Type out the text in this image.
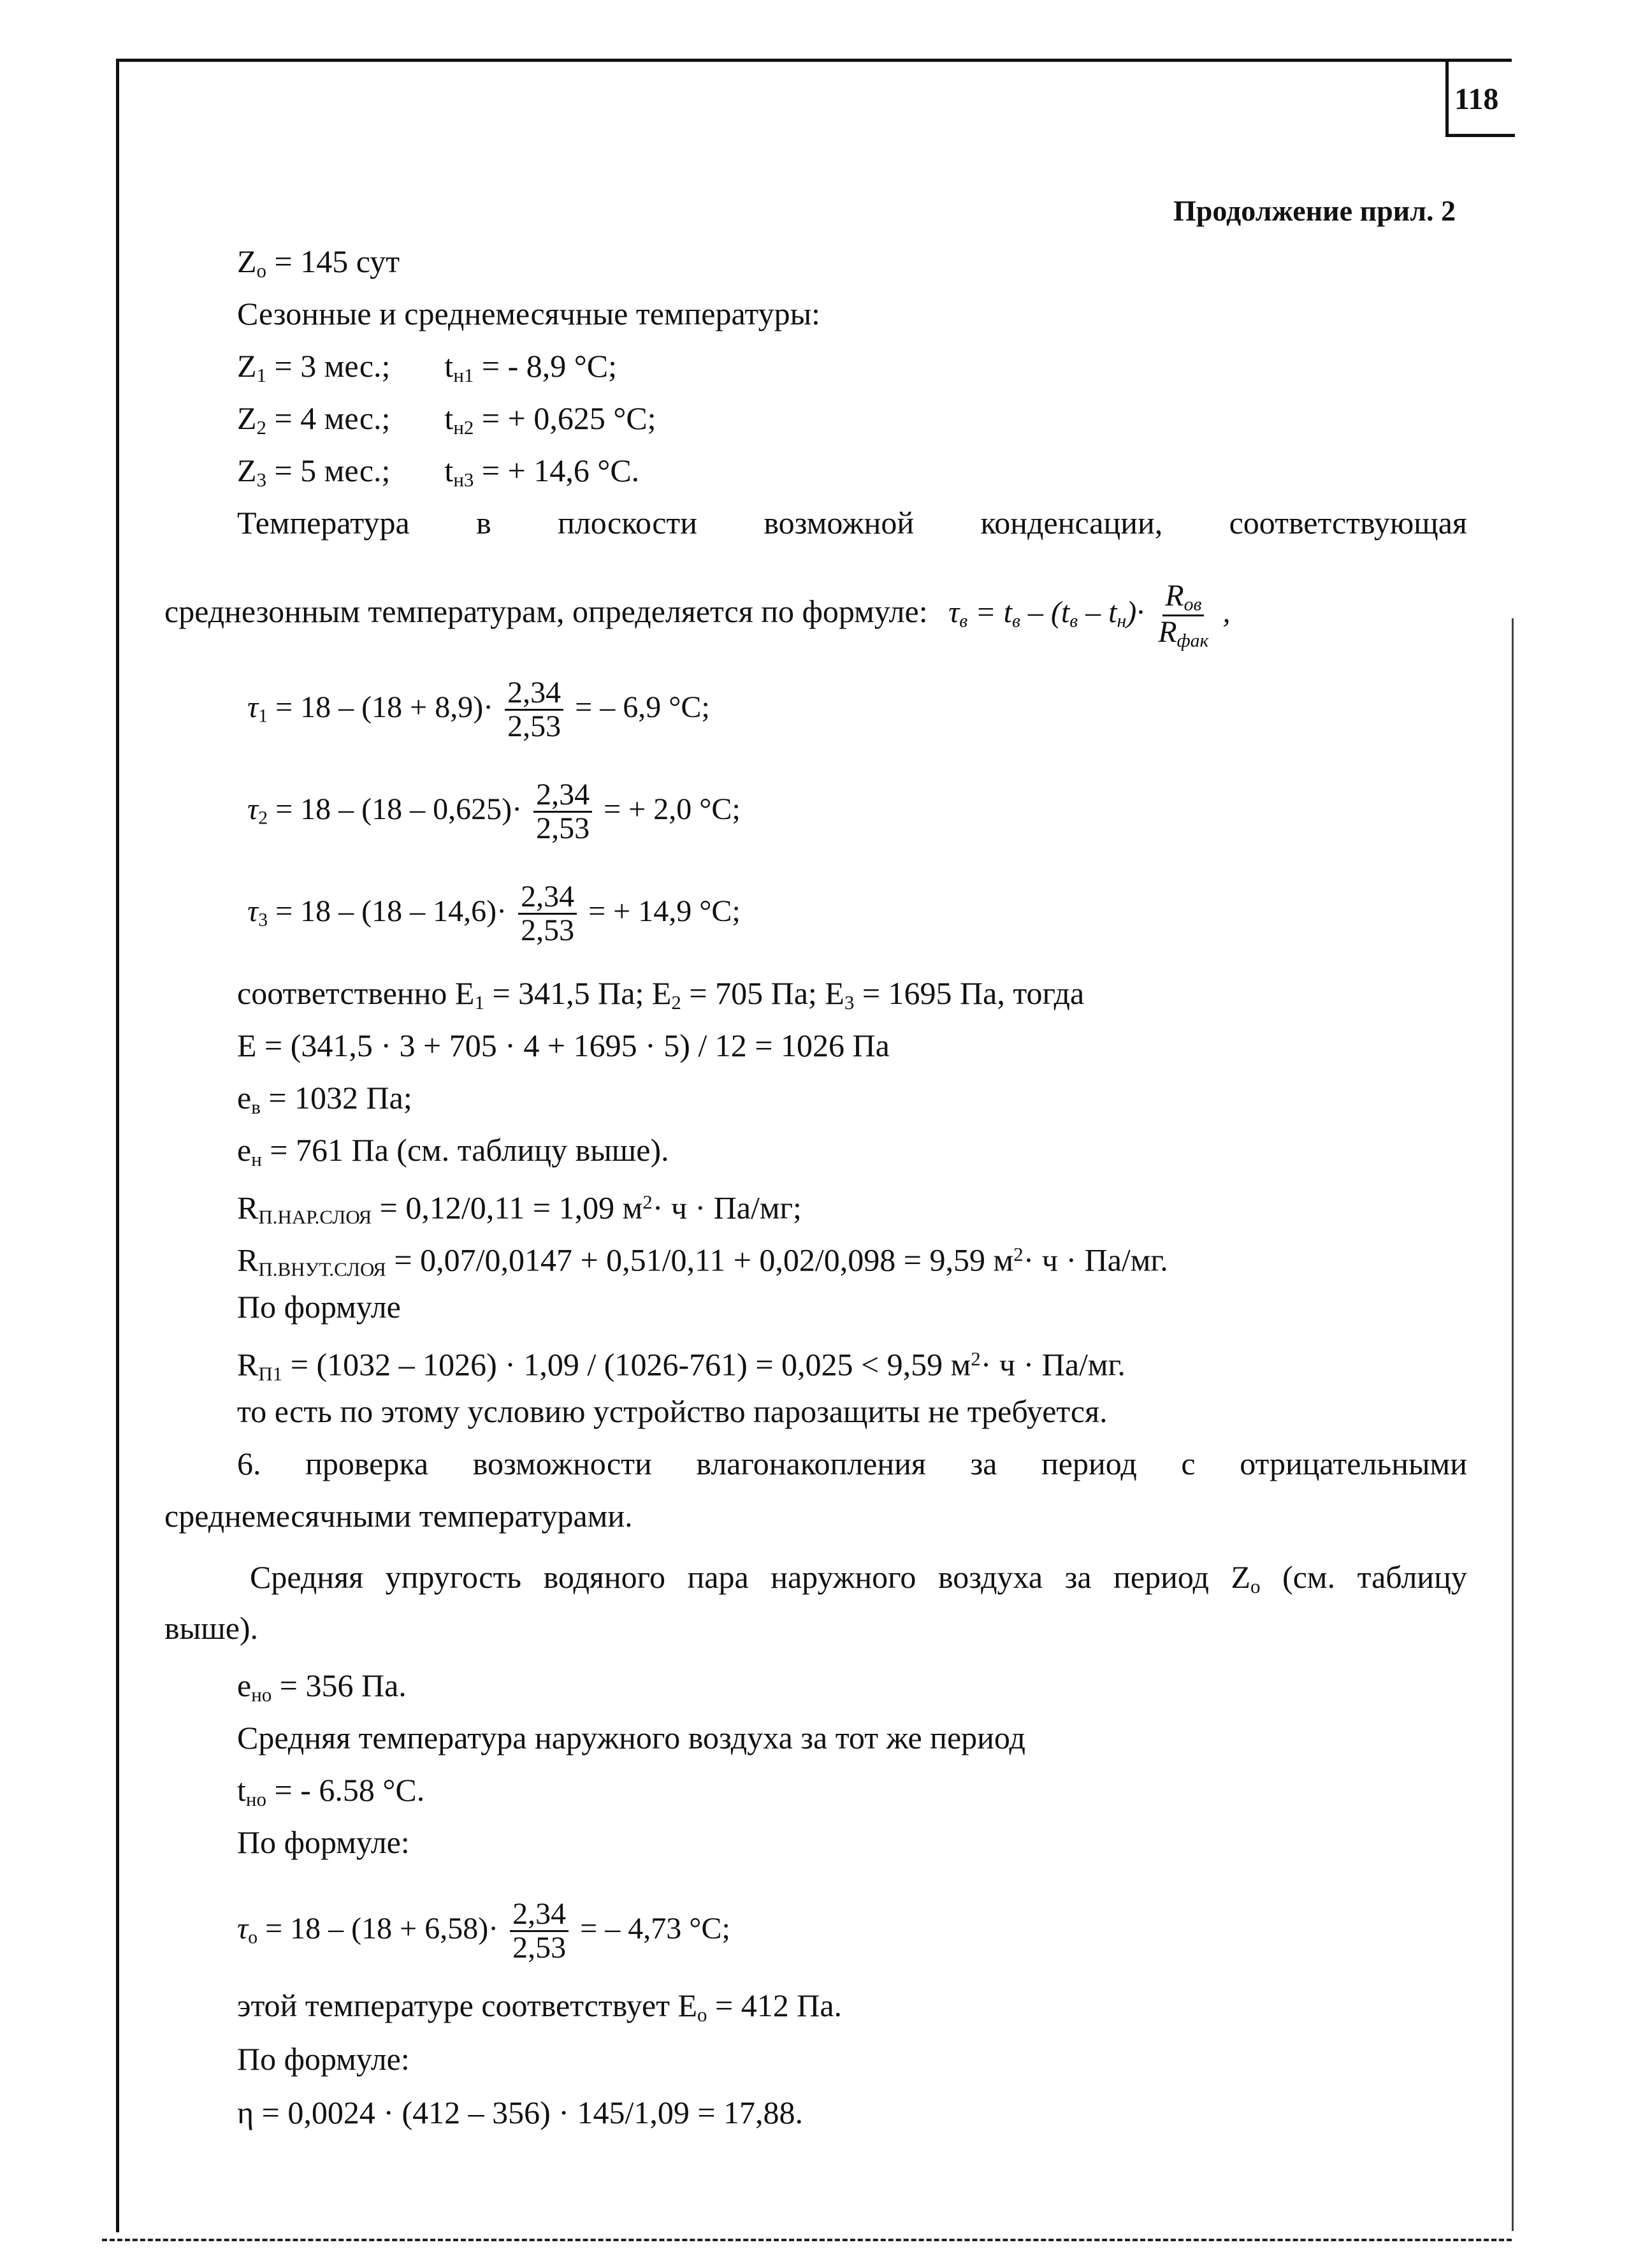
118
Продолжение прил. 2
$Z_o = 145$ сут
Сезонные и среднемесячные температуры:
$Z_1 = 3$ мес.; $t_{н1}$ = - 8,9 °C;
$Z_2 = 4$ мес.; $t_{н2}$ = + 0,625 °C;
$Z_3 = 5$ мес.; $t_{н3}$ = + 14,6 °C.
Температура в плоскости возможной конденсации, соответствующая
среднезонным температурам, определяется по формуле: $\tau_в = t_в - (t_в - t_н)\cdot \frac{R_{ов}}{R_{фак}}$ ,
$\tau_1 = 18 - (18 + 8,9)\cdot \frac{2,34}{2,53}$ = – 6,9 °C;
$\tau_2 = 18 - (18 - 0,625)\cdot \frac{2,34}{2,53}$ = + 2,0 °C;
$\tau_3 = 18 - (18 - 14,6)\cdot \frac{2,34}{2,53}$ = + 14,9 °C;
соответственно $E_1 = 341,5$ Па; $E_2 = 705$ Па; $E_3 = 1695$ Па, тогда
E = (341,5 · 3 + 705 · 4 + 1695 · 5) / 12 = 1026 Па
$e_в = 1032$ Па;
$e_н = 761$ Па (см. таблицу выше).
$R_{П.НАР.СЛОЯ} = 0,12/0,11 = 1,09$ $м^2\cdot ч \cdot Па/мг$;
$R_{П.ВНУТ.СЛОЯ} = 0,07/0,0147 + 0,51/0,11 + 0,02/0,098 = 9,59$ $м^2\cdot ч \cdot Па/мг$.
По формуле
$R_{П1} = (1032 - 1026) \cdot 1,09 / (1026-761) = 0,025 < 9,59$ $м^2\cdot ч \cdot Па/мг$.
то есть по этому условию устройство парозащиты не требуется.
6. проверка возможности влагонакопления за период с отрицательными
среднемесячными температурами.
Средняя упругость водяного пара наружного воздуха за период $Z_o$ (см. таблицу
выше).
$e_{но} = 356$ Па.
Средняя температура наружного воздуха за тот же период
$t_{но}$ = - 6.58 °C.
По формуле:
$\tau_o = 18 - (18 + 6,58)\cdot \frac{2,34}{2,53}$ = – 4,73 °C;
этой температуре соответствует $E_o = 412$ Па.
По формуле:
η = 0,0024 · (412 – 356) · 145/1,09 = 17,88.
